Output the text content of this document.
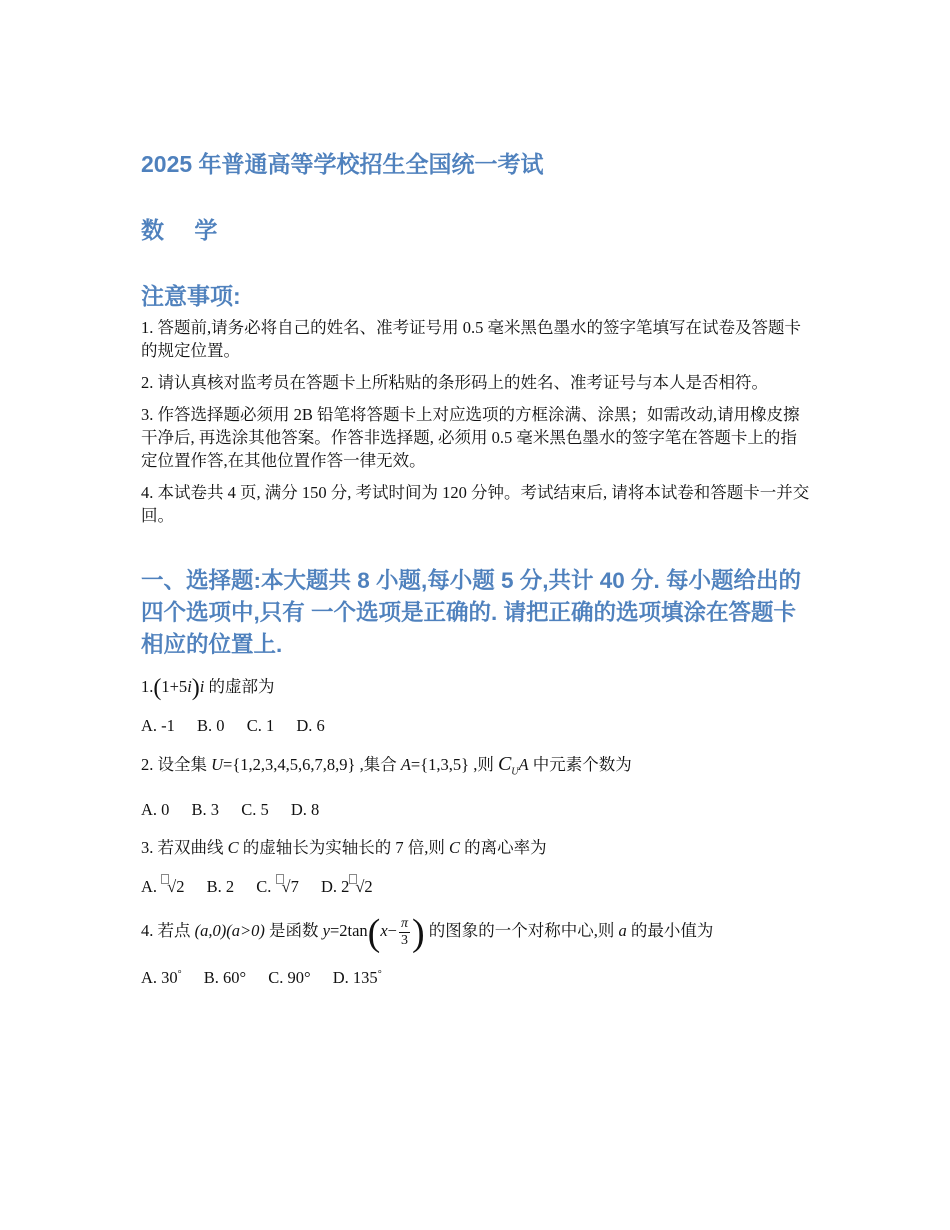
2025 年普通高等学校招生全国统一考试
数 学
注意事项:
1. 答题前,请务必将自己的姓名、准考证号用 0.5 毫米黑色墨水的签字笔填写在试卷及答题卡的规定位置。
2. 请认真核对监考员在答题卡上所粘贴的条形码上的姓名、准考证号与本人是否相符。
3. 作答选择题必须用 2B 铅笔将答题卡上对应选项的方框涂满、涂黑；如需改动,请用橡皮擦干净后, 再选涂其他答案。作答非选择题, 必须用 0.5 毫米黑色墨水的签字笔在答题卡上的指定位置作答,在其他位置作答一律无效。
4. 本试卷共 4 页, 满分 150 分, 考试时间为 120 分钟。考试结束后, 请将本试卷和答题卡一并交回。
一、选择题:本大题共 8 小题,每小题 5 分,共计 40 分. 每小题给出的四个选项中,只有 一个选项是正确的. 请把正确的选项填涂在答题卡相应的位置上.
1.(1+5i)i 的虚部为
A. -1 B. 0 C. 1 D. 6
2. 设全集 U={1,2,3,4,5,6,7,8,9} ,集合 A={1,3,5} ,则 $C_UA$ 中元素个数为
A. 0 B. 3 C. 5 D. 8
3. 若双曲线 C 的虚轴长为实轴长的 7 倍,则 C 的离心率为
A. √2 B. 2 C. √7 D. 2 √2
4. 若点 (a,0)(a>0) 是函数 $y=2\tan(x- \frac{\pi}{3}$ ) 的图象的一个对称中心,则 a 的最小值为
A. 30° B. 60° C. 90° D. 135°
